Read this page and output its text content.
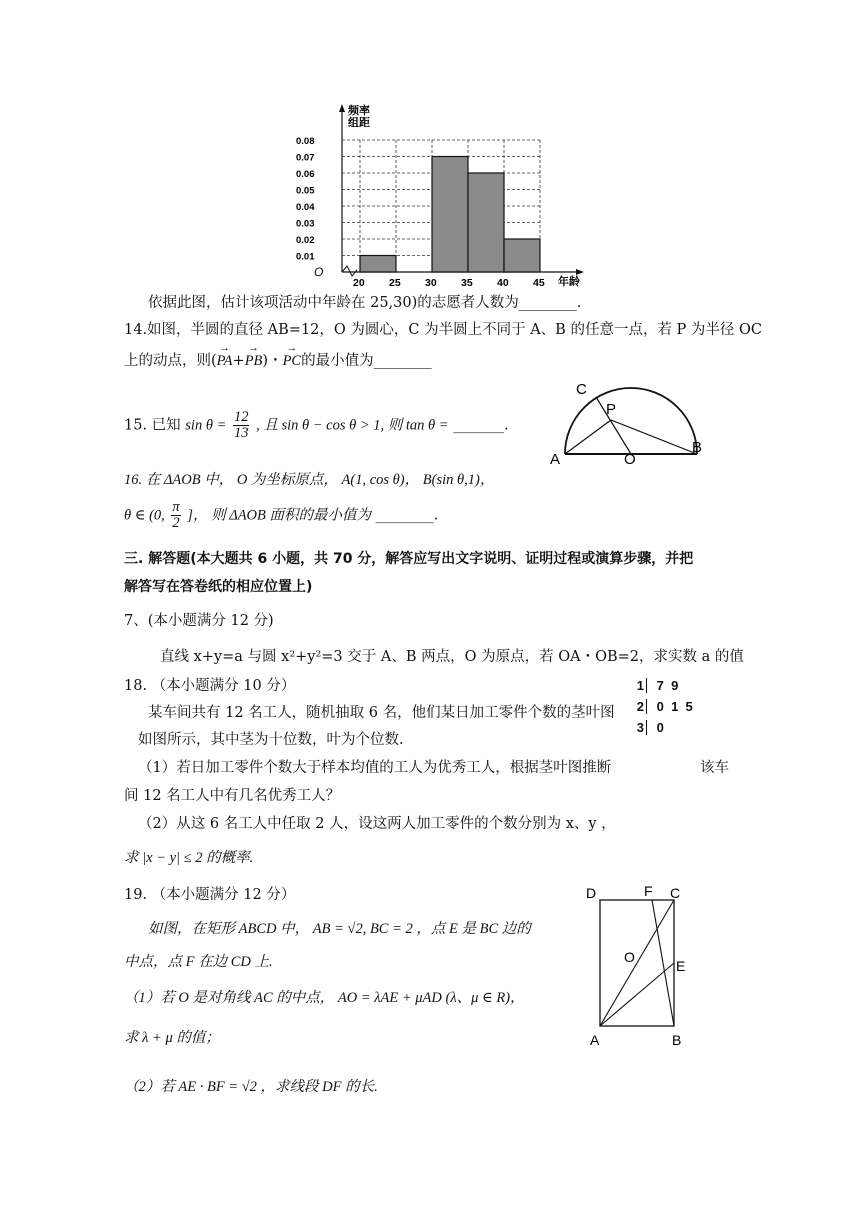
0.08
0.07
0.06
0.05
0.04
0.03
0.02
0.01
20 25 30 35 40 45
频率
组距
O
年龄
依据此图，估计该项活动中年龄在 25,30)的志愿者人数为________.
14.如图，半圆的直径 AB=12，O 为圆心，C 为半圆上不同于 A、B 的任意一点，若 P 为半径 OC
上的动点，则(→ PA+→ PB)・→ PC的最小值为________
15. 已知 $\sin \theta = \frac{12}{13}$ , 且 sin θ − cos θ > 1, 则 tan θ = _______.
C
P
A	O
B
16. 在 ΔAOB 中， O 为坐标原点， A(1, cos θ)， B(sin θ,1)，
θ ∈ (0, $\frac{\pi}{2}$ ]， 则 ΔAOB 面积的最小值为 ________.
三. 解答题(本大题共 6 小题，共 70 分，解答应写出文字说明、证明过程或演算步骤，并把
解答写在答卷纸的相应位置上)
7、(本小题满分 12 分)
直线 x+y=a 与圆 x²+y²=3 交于 A、B 两点，O 为原点，若 OA・OB=2，求实数 a 的值
18. （本小题满分 10 分）
某车间共有 12 名工人，随机抽取 6 名，他们某日加工零件个数的茎叶图
如图所示，其中茎为十位数，叶为个位数.
（1）若日加工零件个数大于样本均值的工人为优秀工人，根据茎叶图推断	该车
间 12 名工人中有几名优秀工人？
（2）从这 6 名工人中任取 2 人，设这两人加工零件的个数分别为 x、y ，
求 |x − y| ≤ 2 的概率.
1 7  9
2 0  1  5
3 0
19. （本小题满分 12 分）
如图，在矩形 ABCD 中， AB = √2, BC = 2 ，点 E 是 BC 边的
中点，点 F 在边 CD 上.
（1）若 O 是对角线 AC 的中点， AO = λAE + μAD (λ、μ ∈ R)，
求 λ + μ 的值；
（2）若 AE · BF = √2 ，求线段 DF 的长.
D	F C
O
E
A	B
